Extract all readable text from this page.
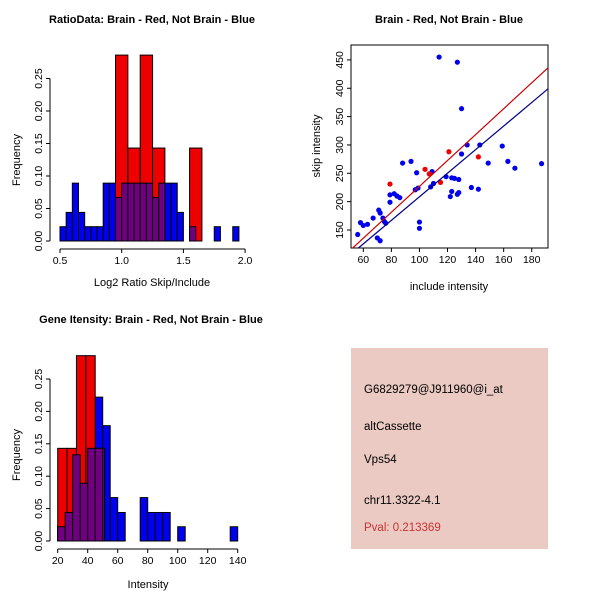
0.5	1.0	1.5	2.0
0.00
0.05
0.10
0.15
0.20
0.25
RatioData: Brain - Red, Not Brain - Blue
Log2 Ratio Skip/Include
Frequency
60 80 100 120 140 160 180
150
200
250
300
350
400
450
Brain - Red, Not Brain - Blue
include intensity
skip intensity
20 40 60 80 100 120 140
0.00
0.05
0.10
0.15
0.20
0.25
Gene Itensity: Brain - Red, Not Brain - Blue
Intensity
Frequency
G6829279@J911960@i_at
altCassette
Vps54
chr11.3322-4.1
Pval: 0.213369
